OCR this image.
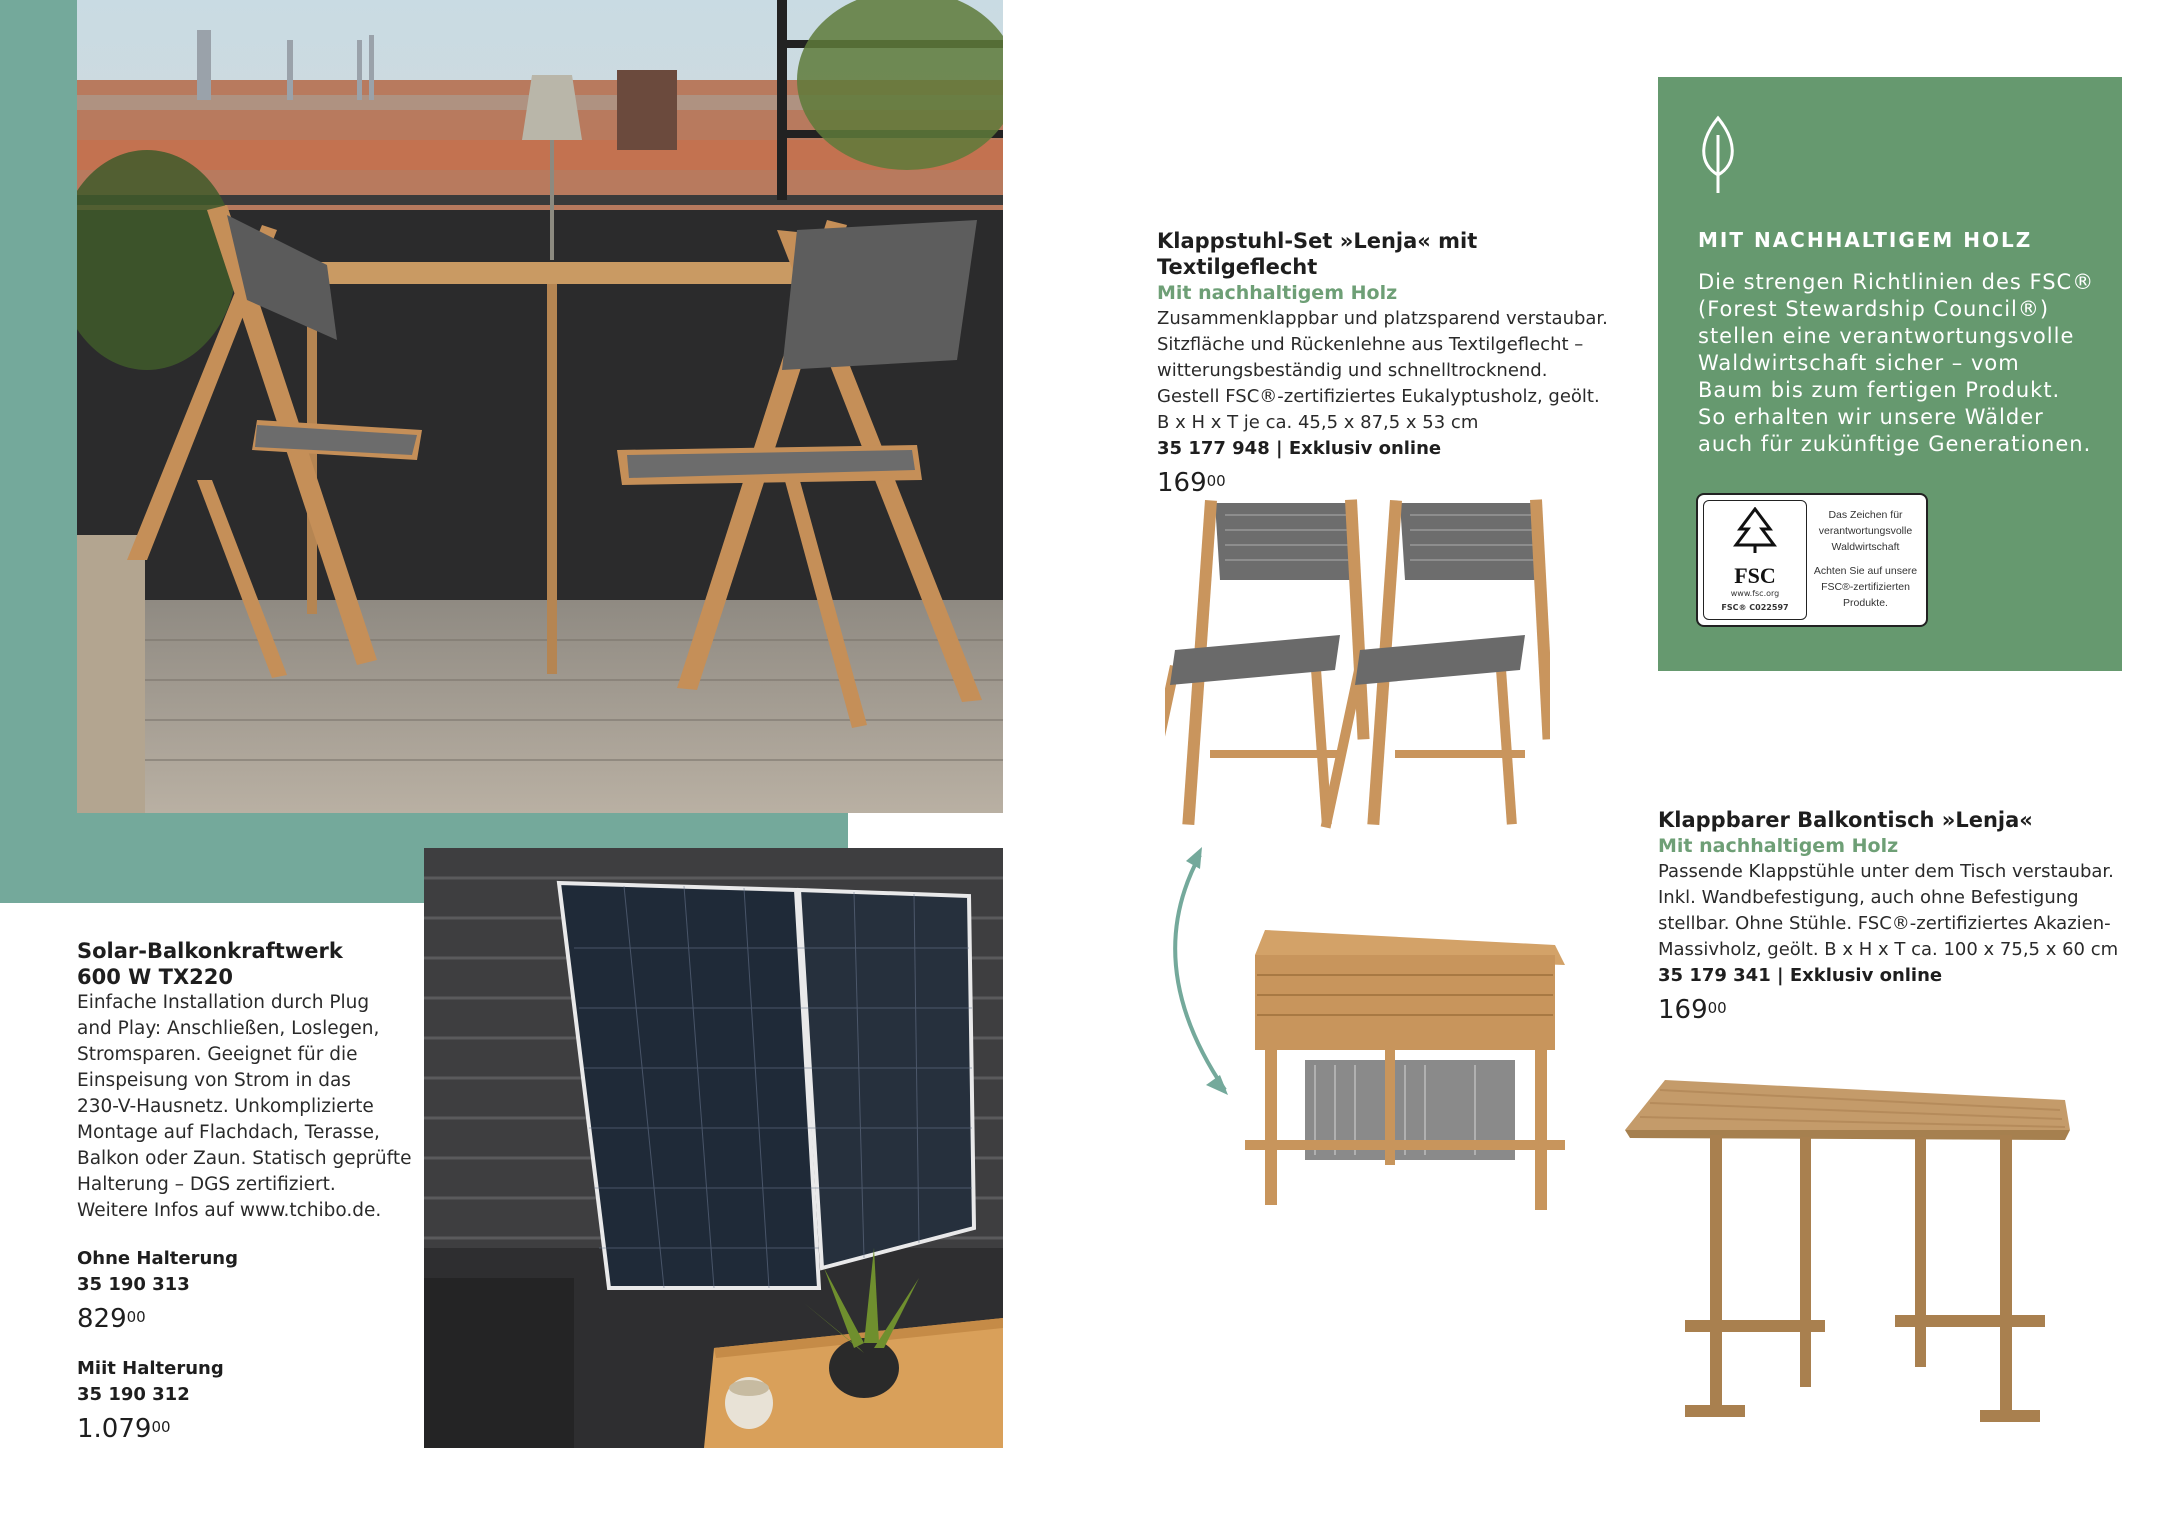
Klappstuhl-Set »Lenja« mit Textilgeflecht
Mit nachhaltigem Holz
Zusammenklappbar und platzsparend verstaubar.
Sitzfläche und Rückenlehne aus Textilgeflecht –
witterungsbeständig und schnelltrocknend.
Gestell FSC®-zertifiziertes Eukalyptusholz, geölt.
B x H x T je ca. 45,5 x 87,5 x 53 cm
35 177 948 | Exklusiv online
$169^{00}$
MIT NACHHALTIGEM HOLZ
Die strengen Richtlinien des FSC®
(Forest Stewardship Council®)
stellen eine verantwortungsvolle
Waldwirtschaft sicher – vom
Baum bis zum fertigen Produkt.
So erhalten wir unsere Wälder
auch für zukünftige Generationen.
FSC
www.fsc.org
FSC® C022597
Das Zeichen für
verantwortungsvolle
Waldwirtschaft
Achten Sie auf unsere
FSC®-zertifizierten
Produkte.
Klappbarer Balkontisch »Lenja«
Mit nachhaltigem Holz
Passende Klappstühle unter dem Tisch verstaubar.
Inkl. Wandbefestigung, auch ohne Befestigung
stellbar. Ohne Stühle. FSC®-zertifiziertes Akazien-
Massivholz, geölt. B x H x T ca. 100 x 75,5 x 60 cm
35 179 341 | Exklusiv online
$169^{00}$
Solar-Balkonkraftwerk
600 W TX220
Einfache Installation durch Plug
and Play: Anschließen, Loslegen,
Stromsparen. Geeignet für die
Einspeisung von Strom in das
230-V-Hausnetz. Unkomplizierte
Montage auf Flachdach, Terasse,
Balkon oder Zaun. Statisch geprüfte
Halterung – DGS zertifiziert.
Weitere Infos auf www.tchibo.de.
Ohne Halterung
35 190 313
$829^{00}$
Miit Halterung
35 190 312
1.079$^{00}$
